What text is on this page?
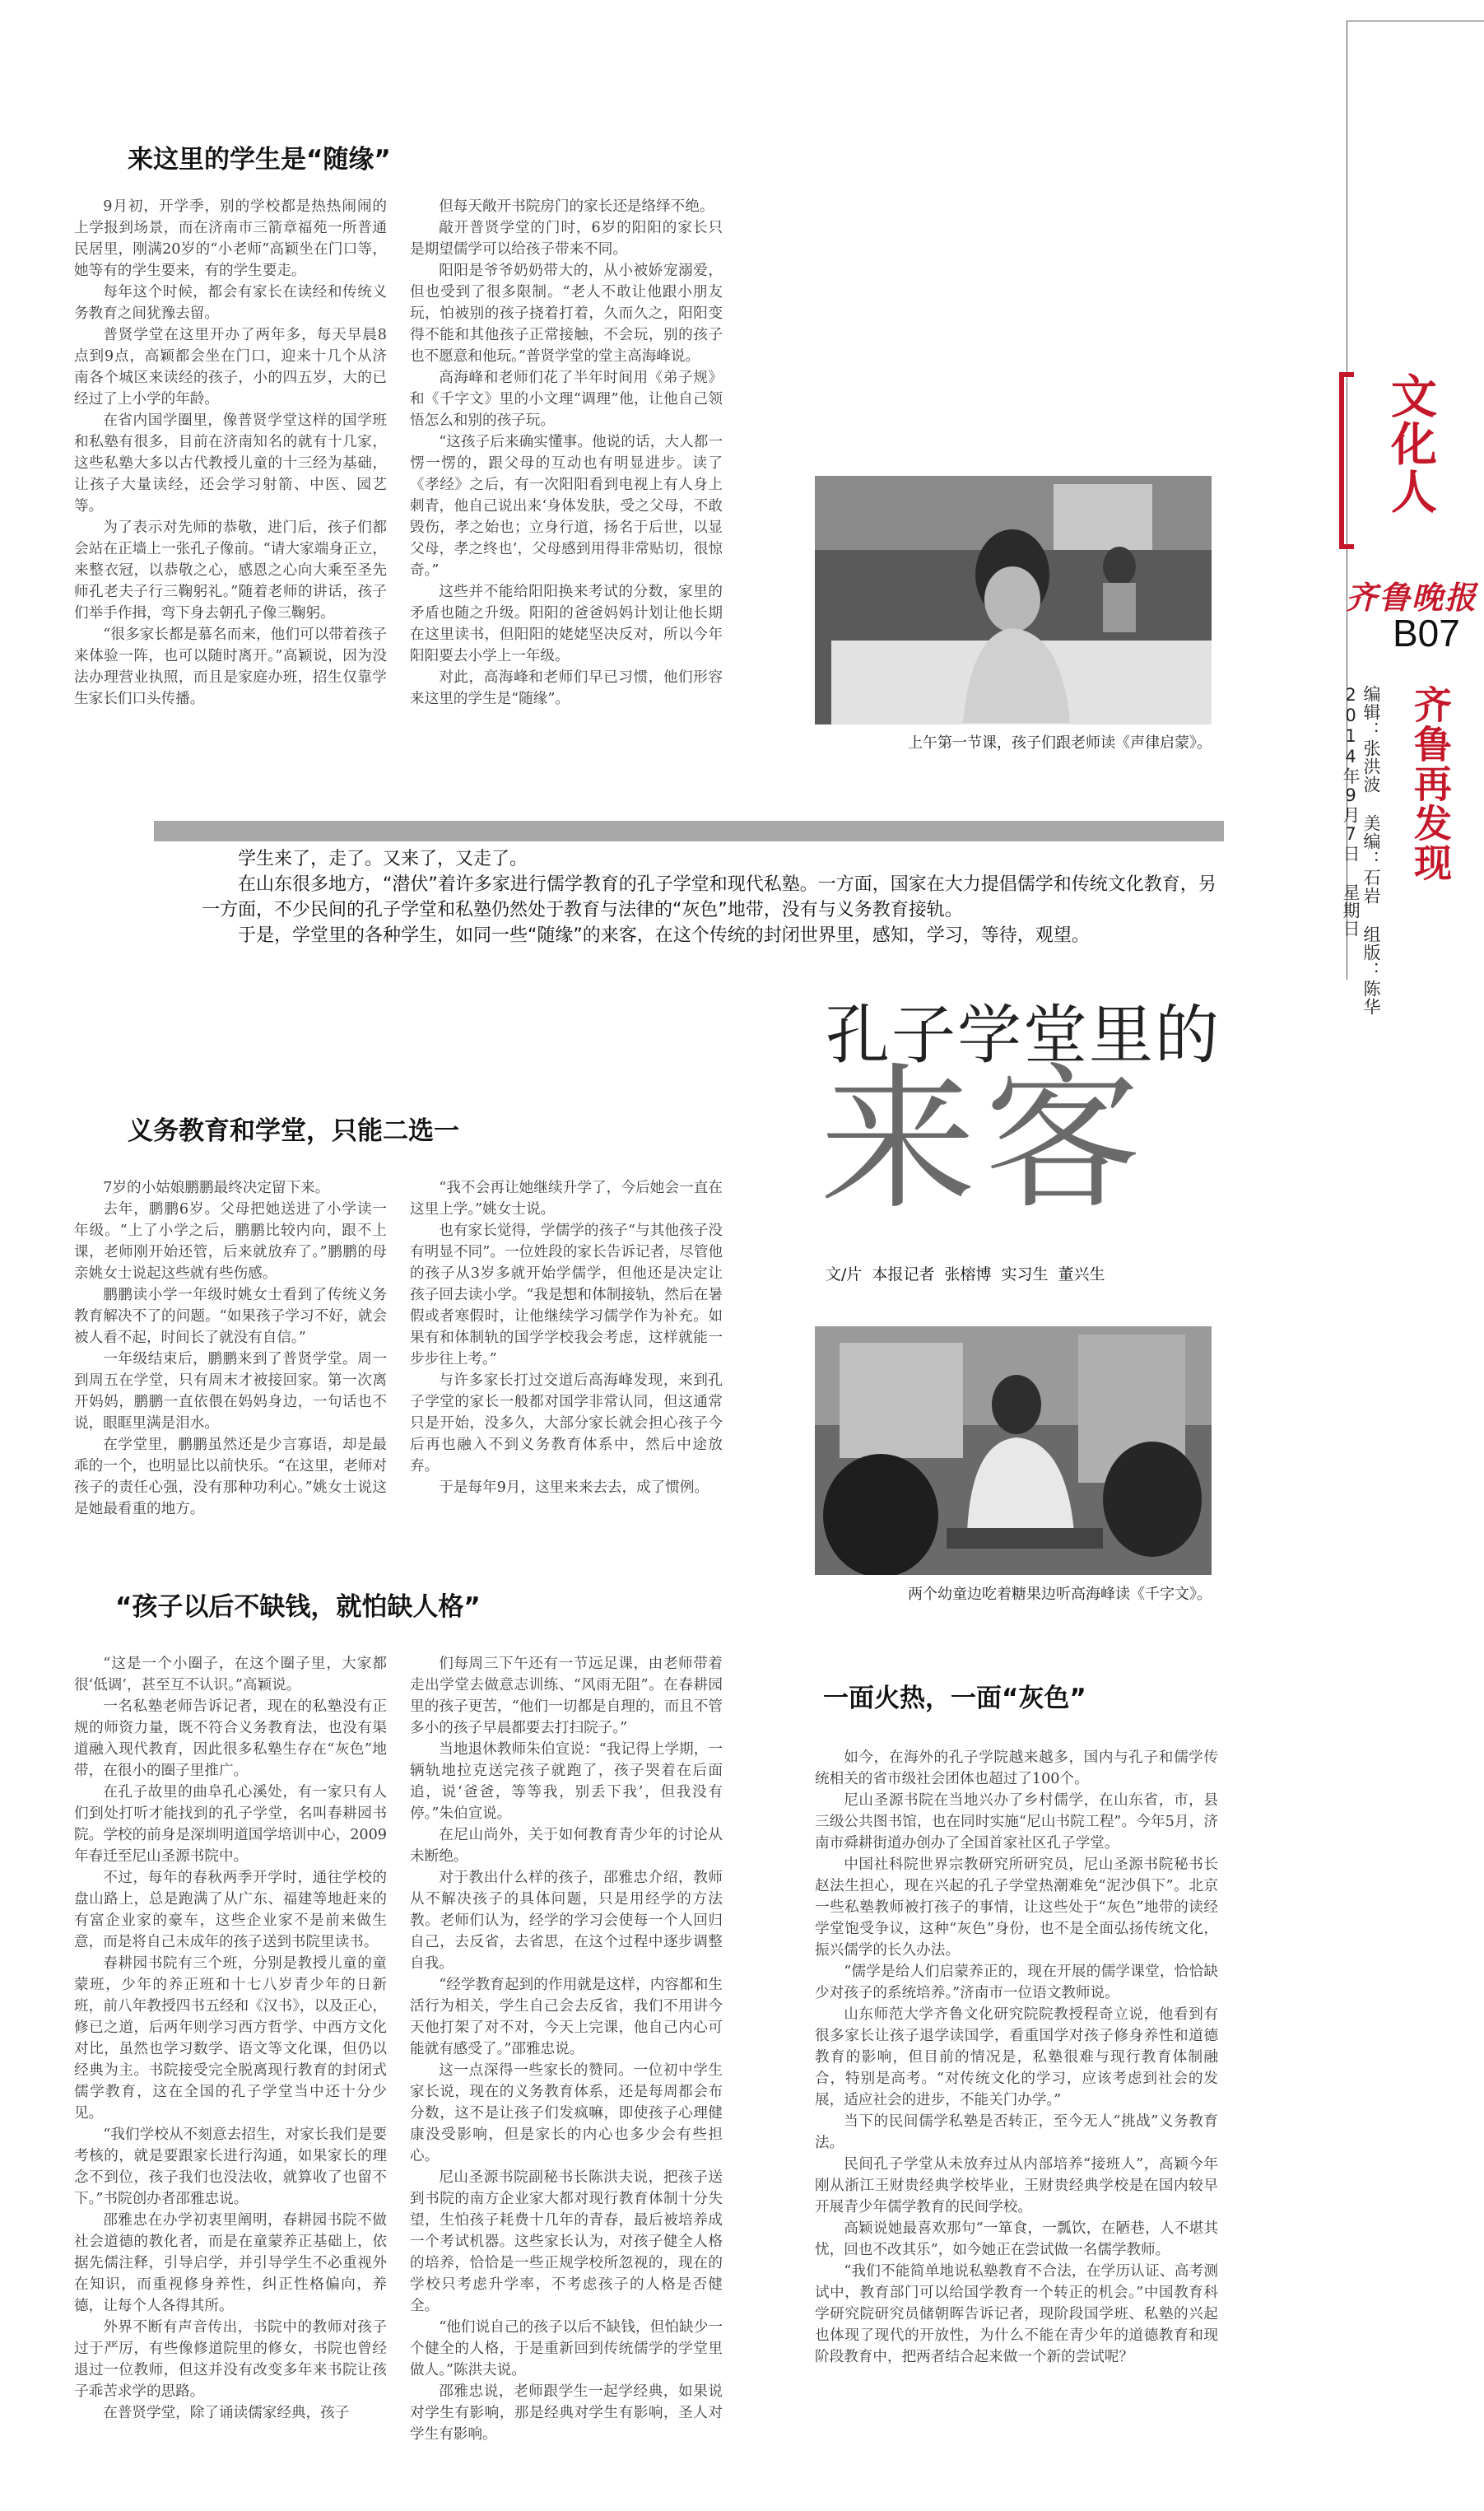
来这里的学生是“随缘”

9月初，开学季，别的学校都是热热闹闹的上学报到场景，而在济南市三箭章福苑一所普通民居里，刚满20岁的“小老师”高颖坐在门口等，她等有的学生要来，有的学生要走。

每年这个时候，都会有家长在读经和传统义务教育之间犹豫去留。

普贤学堂在这里开办了两年多，每天早晨8点到9点，高颖都会坐在门口，迎来十几个从济南各个城区来读经的孩子，小的四五岁，大的已经过了上小学的年龄。

在省内国学圈里，像普贤学堂这样的国学班和私塾有很多，目前在济南知名的就有十几家，这些私塾大多以古代教授儿童的十三经为基础，让孩子大量读经，还会学习射箭、中医、园艺等。

为了表示对先师的恭敬，进门后，孩子们都会站在正墙上一张孔子像前。“请大家端身正立，来整衣冠，以恭敬之心，感恩之心向大乘至圣先师孔老夫子行三鞠躬礼。”随着老师的讲话，孩子们举手作揖，弯下身去朝孔子像三鞠躬。

“很多家长都是慕名而来，他们可以带着孩子来体验一阵，也可以随时离开。”高颖说，因为没法办理营业执照，而且是家庭办班，招生仅靠学生家长们口头传播。

但每天敞开书院房门的家长还是络绎不绝。

敲开普贤学堂的门时，6岁的阳阳的家长只是期望儒学可以给孩子带来不同。

阳阳是爷爷奶奶带大的，从小被娇宠溺爱，但也受到了很多限制。“老人不敢让他跟小朋友玩，怕被别的孩子挠着打着，久而久之，阳阳变得不能和其他孩子正常接触，不会玩，别的孩子也不愿意和他玩。”普贤学堂的堂主高海峰说。

高海峰和老师们花了半年时间用《弟子规》和《千字文》里的小文理“调理”他，让他自己领悟怎么和别的孩子玩。

“这孩子后来确实懂事。他说的话，大人都一愣一愣的，跟父母的互动也有明显进步。读了《孝经》之后，有一次阳阳看到电视上有人身上刺青，他自己说出来‘身体发肤，受之父母，不敢毁伤，孝之始也；立身行道，扬名于后世，以显父母，孝之终也’，父母感到用得非常贴切，很惊奇。”

这些并不能给阳阳换来考试的分数，家里的矛盾也随之升级。阳阳的爸爸妈妈计划让他长期在这里读书，但阳阳的姥姥坚决反对，所以今年阳阳要去小学上一年级。

对此，高海峰和老师们早已习惯，他们形容来这里的学生是“随缘”。

上午第一节课，孩子们跟老师读《声律启蒙》。

学生来了，走了。又来了，又走了。

在山东很多地方，“潜伏”着许多家进行儒学教育的孔子学堂和现代私塾。一方面，国家在大力提倡儒学和传统文化教育，另一方面，不少民间的孔子学堂和私塾仍然处于教育与法律的“灰色”地带，没有与义务教育接轨。

于是，学堂里的各种学生，如同一些“随缘”的来客，在这个传统的封闭世界里，感知，学习，等待，观望。

孔子学堂里的
来客
文/片 本报记者 张榕博 实习生 董兴生
义务教育和学堂，只能二选一

7岁的小姑娘鹏鹏最终决定留下来。

去年，鹏鹏6岁。父母把她送进了小学读一年级。“上了小学之后，鹏鹏比较内向，跟不上课，老师刚开始还管，后来就放弃了。”鹏鹏的母亲姚女士说起这些就有些伤感。

鹏鹏读小学一年级时姚女士看到了传统义务教育解决不了的问题。“如果孩子学习不好，就会被人看不起，时间长了就没有自信。”

一年级结束后，鹏鹏来到了普贤学堂。周一到周五在学堂，只有周末才被接回家。第一次离开妈妈，鹏鹏一直依偎在妈妈身边，一句话也不说，眼眶里满是泪水。

在学堂里，鹏鹏虽然还是少言寡语，却是最乖的一个，也明显比以前快乐。“在这里，老师对孩子的责任心强，没有那种功利心。”姚女士说这是她最看重的地方。

“我不会再让她继续升学了，今后她会一直在这里上学。”姚女士说。

也有家长觉得，学儒学的孩子“与其他孩子没有明显不同”。一位姓段的家长告诉记者，尽管他的孩子从3岁多就开始学儒学，但他还是决定让孩子回去读小学。“我是想和体制接轨，然后在暑假或者寒假时，让他继续学习儒学作为补充。如果有和体制轨的国学学校我会考虑，这样就能一步步往上考。”

与许多家长打过交道后高海峰发现，来到孔子学堂的家长一般都对国学非常认同，但这通常只是开始，没多久，大部分家长就会担心孩子今后再也融入不到义务教育体系中，然后中途放弃。

于是每年9月，这里来来去去，成了惯例。

两个幼童边吃着糖果边听高海峰读《千字文》。
“孩子以后不缺钱，就怕缺人格”

“这是一个小圈子，在这个圈子里，大家都很‘低调’，甚至互不认识。”高颖说。

一名私塾老师告诉记者，现在的私塾没有正规的师资力量，既不符合义务教育法，也没有渠道融入现代教育，因此很多私塾生存在“灰色”地带，在很小的圈子里推广。

在孔子故里的曲阜孔心溪处，有一家只有人们到处打听才能找到的孔子学堂，名叫春耕园书院。学校的前身是深圳明道国学培训中心，2009年春迁至尼山圣源书院中。

不过，每年的春秋两季开学时，通往学校的盘山路上，总是跑满了从广东、福建等地赶来的有富企业家的豪车，这些企业家不是前来做生意，而是将自己未成年的孩子送到书院里读书。

春耕园书院有三个班，分别是教授儿童的童蒙班，少年的养正班和十七八岁青少年的日新班，前八年教授四书五经和《汉书》，以及正心，修已之道，后两年则学习西方哲学、中西方文化对比，虽然也学习数学、语文等文化课，但仍以经典为主。书院接受完全脱离现行教育的封闭式儒学教育，这在全国的孔子学堂当中还十分少见。

“我们学校从不刻意去招生，对家长我们是要考核的，就是要跟家长进行沟通，如果家长的理念不到位，孩子我们也没法收，就算收了也留不下。”书院创办者邵雅忠说。

邵雅忠在办学初衷里阐明，春耕园书院不做社会道德的教化者，而是在童蒙养正基础上，依据先儒注释，引导启学，并引导学生不必重视外在知识，而重视修身养性，纠正性格偏向，养德，让每个人各得其所。

外界不断有声音传出，书院中的教师对孩子过于严厉，有些像修道院里的修女，书院也曾经退过一位教师，但这并没有改变多年来书院让孩子乖苦求学的思路。

在普贤学堂，除了诵读儒家经典，孩子

们每周三下午还有一节远足课，由老师带着走出学堂去做意志训练、“风雨无阻”。在春耕园里的孩子更苦，“他们一切都是自理的，而且不管多小的孩子早晨都要去打扫院子。”

当地退休教师朱伯宣说：“我记得上学期，一辆轨地拉克送完孩子就跑了，孩子哭着在后面追，说‘爸爸，等等我，别丢下我’，但我没有停。”朱伯宣说。

在尼山尚外，关于如何教育青少年的讨论从未断绝。

对于教出什么样的孩子，邵雅忠介绍，教师从不解决孩子的具体问题，只是用经学的方法教。老师们认为，经学的学习会使每一个人回归自己，去反省，去省思，在这个过程中逐步调整自我。

“经学教育起到的作用就是这样，内容都和生活行为相关，学生自己会去反省，我们不用讲今天他打架了对不对，今天上完课，他自己内心可能就有感受了。”邵雅忠说。

这一点深得一些家长的赞同。一位初中学生家长说，现在的义务教育体系，还是每周都会布分数，这不是让孩子们发疯嘛，即使孩子心理健康没受影响，但是家长的内心也多少会有些担心。

尼山圣源书院副秘书长陈洪夫说，把孩子送到书院的南方企业家大都对现行教育体制十分失望，生怕孩子耗费十几年的青春，最后被培养成一个考试机器。这些家长认为，对孩子健全人格的培养，恰恰是一些正规学校所忽视的，现在的学校只考虑升学率，不考虑孩子的人格是否健全。

“他们说自己的孩子以后不缺钱，但怕缺少一个健全的人格，于是重新回到传统儒学的学堂里做人。”陈洪夫说。

邵雅忠说，老师跟学生一起学经典，如果说对学生有影响，那是经典对学生有影响，圣人对学生有影响。

一面火热，一面“灰色”

如今，在海外的孔子学院越来越多，国内与孔子和儒学传统相关的省市级社会团体也超过了100个。

尼山圣源书院在当地兴办了乡村儒学，在山东省，市，县三级公共图书馆，也在同时实施“尼山书院工程”。今年5月，济南市舜耕街道办创办了全国首家社区孔子学堂。

中国社科院世界宗教研究所研究员，尼山圣源书院秘书长赵法生担心，现在兴起的孔子学堂热潮难免“泥沙俱下”。北京一些私塾教师被打孩子的事情，让这些处于“灰色”地带的读经学堂饱受争议，这种“灰色”身份，也不是全面弘扬传统文化，振兴儒学的长久办法。

“儒学是给人们启蒙养正的，现在开展的儒学课堂，恰恰缺少对孩子的系统培养。”济南市一位语文教师说。

山东师范大学齐鲁文化研究院院教授程奇立说，他看到有很多家长让孩子退学读国学，看重国学对孩子修身养性和道德教育的影响，但目前的情况是，私塾很难与现行教育体制融合，特别是高考。“对传统文化的学习，应该考虑到社会的发展，适应社会的进步，不能关门办学。”

当下的民间儒学私塾是否转正，至今无人“挑战”义务教育法。

民间孔子学堂从未放弃过从内部培养“接班人”，高颖今年刚从浙江王财贵经典学校毕业，王财贵经典学校是在国内较早开展青少年儒学教育的民间学校。

高颖说她最喜欢那句“一箪食，一瓢饮，在陋巷，人不堪其忧，回也不改其乐”，如今她正在尝试做一名儒学教师。

“我们不能简单地说私塾教育不合法，在学历认证、高考测试中，教育部门可以给国学教育一个转正的机会。”中国教育科学研究院研究员储朝晖告诉记者，现阶段国学班、私塾的兴起也体现了现代的开放性，为什么不能在青少年的道德教育和现阶段教育中，把两者结合起来做一个新的尝试呢？

文化人
齐鲁晚报
B07
齐鲁再发现
编辑：张洪波 美编：石岩 组版：陈华
2014年9月7日 星期日
